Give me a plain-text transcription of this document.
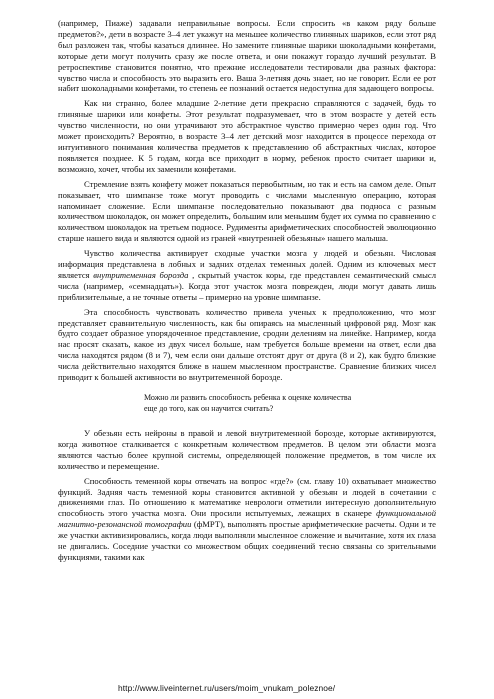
(например, Пиаже) задавали неправильные вопросы. Если спросить «в каком ряду больше предметов?», дети в возрасте 3–4 лет укажут на меньшее количество глиняных шариков, если этот ряд был разложен так, чтобы казаться длиннее. Но замените глиняные шарики шоколадными конфетами, которые дети могут получить сразу же после ответа, и они покажут гораздо лучший результат. В ретроспективе становится понятно, что прежние исследователи тестировали два разных фактора: чувство числа и способность это выразить его. Ваша 3-летняя дочь знает, но не говорит. Если ее рот набит шоколадными конфетами, то степень ее познаний остается недоступна для задающего вопросы.

Как ни странно, более младшие 2-летние дети прекрасно справляются с задачей, будь то глиняные шарики или конфеты. Этот результат подразумевает, что в этом возрасте у детей есть чувство численности, но они утрачивают это абстрактное чувство примерно через один год. Что может происходить? Вероятно, в возрасте 3–4 лет детский мозг находится в процессе перехода от интуитивного понимания количества предметов к представлению об абстрактных числах, которое появляется позднее. К 5 годам, когда все приходит в норму, ребенок просто считает шарики и, возможно, хочет, чтобы их заменили конфетами.

Стремление взять конфету может показаться первобытным, но так и есть на самом деле. Опыт показывает, что шимпанзе тоже могут проводить с числами мысленную операцию, которая напоминает сложение. Если шимпанзе последовательно показывают два подноса с разным количеством шоколадок, он может определить, большим или меньшим будет их сумма по сравнению с количеством шоколадок на третьем подносе. Рудименты арифметических способностей эволюционно старше нашего вида и являются одной из граней «внутренней обезьяны» нашего малыша.

Чувство количества активирует сходные участки мозга у людей и обезьян. Числовая информация представлена в лобных и задних отделах теменных долей. Одним из ключевых мест является внутритеменная борозда , скрытый участок коры, где представлен семантический смысл числа (например, «семнадцать»). Когда этот участок мозга поврежден, люди могут давать лишь приблизительные, а не точные ответы – примерно на уровне шимпанзе.

Эта способность чувствовать количество привела ученых к предположению, что мозг представляет сравнительную численность, как бы опираясь на мысленный цифровой ряд. Мозг как будто создает образное упорядоченное представление, сродни делениям на линейке. Например, когда нас просят сказать, какое из двух чисел больше, нам требуется больше времени на ответ, если два числа находятся рядом (8 и 7), чем если они дальше отстоят друг от друга (8 и 2), как будто близкие числа действительно находятся ближе в нашем мысленном пространстве. Сравнение близких чисел приводит к большей активности во внутритеменной борозде.

Можно ли развить способность ребенка к оценке количества еще до того, как он научится считать?

У обезьян есть нейроны в правой и левой внутритеменной борозде, которые активируются, когда животное сталкивается с конкретным количеством предметов. В целом эти области мозга являются частью более крупной системы, определяющей положение предметов, в том числе их количество и перемещение.

Способность теменной коры отвечать на вопрос «где?» (см. главу 10) охватывает множество функций. Задняя часть теменной коры становится активной у обезьян и людей в сочетании с движениями глаз. По отношению к математике неврологи отметили интересную дополнительную способность этого участка мозга. Они просили испытуемых, лежащих в сканере функциональной магнитно-резонансной томографии (фМРТ), выполнять простые арифметические расчеты. Одни и те же участки активизировались, когда люди выполняли мысленное сложение и вычитание, хотя их глаза не двигались. Соседние участки со множеством общих соединений тесно связаны со зрительными функциями, такими как

http://www.liveinternet.ru/users/moim_vnukam_poleznoe/
